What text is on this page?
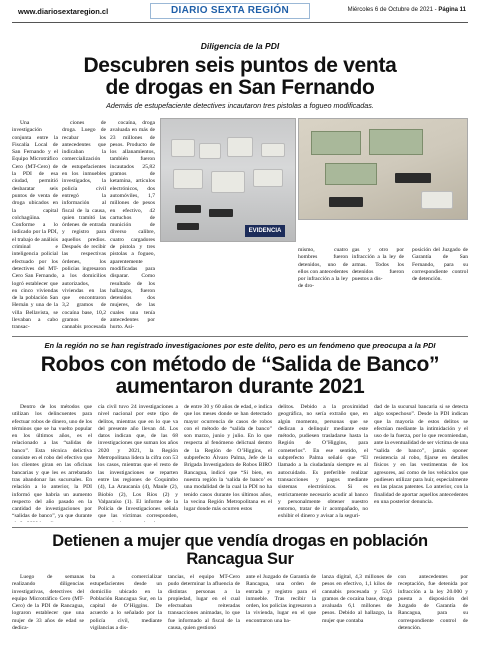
www.diariosextaregion.cl	DIARIO SEXTA REGIÓN	Miércoles 6 de Octubre de 2021 - Página 11
Diligencia de la PDI
Descubren seis puntos de venta
de drogas en San Fernando
Además de estupefaciente detectives incautaron tres pistolas a fogueo modificadas.

Una investigación conjunta entre la Fiscalía Local de San Fernando y el Equipo Microtráfico Cero (MT-Cero) de la PDI de esa ciudad, permitió desbaratar seis puntos de venta de droga ubicados en la capital colchagüina. Conforme a lo indicado por la PDI, el trabajo de análisis criminal e inteligencia policial efectuado por los detectives del MT-Cero San Fernando, logró establecer que en cinco viviendas de la población San Hernán y una de la villa Bellavista, se llevaban a cabo transac-

ciones de droga. Luego de recabar los antecedentes que indicaban la comercialización de estupefacientes en los inmuebles investigados, la policía civil entregó la información al fiscal de la causa, quien tramitó las órdenes de entrada y registro para aquellos predios. Después de recibir las respectivas órdenes, los policías ingresaron a los domicilios autorizados, viviendas en las que encontraron 3,2 gramos de cocaína base, 10,2 gramos de cannabis procesada

cocaína, droga avaluada en más de 23 millones de pesos. Producto de los allanamientos, también fueron incautados 25,82 gramos de ketamina, artículos electrónicos, dos automóviles, 1,7 millones de pesos en efectivo, 42 cartuchos de munición de diverso calibre, cuatro cargadores de pistola y tres pistolas a fogueo, aparentemente modificadas para disparar. Como resultado de los hallazgos, fueron detenidos dos mujeres, de las cuales una tenía antecedentes por hurto. Asi-

EVIDENCIA

mismo, cuatro hombres fueron detenidos, uno de ellos con antecedentes por infracción a la ley de dro-

gas y otro por infracción a la ley de armas. Todos los detenidos fueron puestos a dis-

posición del Juzgado de Garantía de San Fernando, para su correspondiente control de detención.

En la región no se han registrado investigaciones por este delito, pero es un fenómeno que preocupa a la PDI
Robos con método de “Salida de Banco”
aumentaron durante 2021

Dentro de los métodos que utilizan los delincuentes para efectuar robos de dinero, uno de los términos que se ha vuelto popular en los últimos años, es el relacionado a las “salidas de banco”. Esta técnica delictiva consiste en el robo del efectivo que los clientes giran en las oficinas bancarias y que les es arrebatado tras abandonar las sucursales. En relación a lo anterior, la PDI informó que habría un aumento respecto del año pasado en la cantidad de investigaciones por “salidas de banco”, ya que durante

cía civil tuvo 24 investigaciones a nivel nacional por este tipo de delitos, mientras que en lo que va del presente año llevan 44. Los datos indican que, de las 68 investigaciones que suman los años 2020 y 2021, la Región Metropolitana lidera la cifra con 53 los casos, mientras que el resto de las investigaciones se reparten entre las regiones de Coquimbo (4), La Araucanía (4), Maule (2), Biobío (2), Los Ríos (2) y Valparaíso (1). El informe de la Policía de Investigaciones señala que las víctimas corresponden,

de entre 30 y 60 años de edad, e indica que los meses donde se han detectado mayor ocurrencia de casos de robos con el método de “salida de banco” son marzo, junio y julio. En lo que respecta al fenómeno delictual dentro de la Región de O’Higgins, el subprefecto Álvaro Palma, Jefe de la Brigada Investigadora de Robos BIRO Rancagua, indicó que “Si bien, en nuestra región la ‘salida de banco’ es una modalidad de la cual la PDI no ha tenido casos durante los últimos años, la vecina Región Metropolitana es el lugar donde más ocurren estos

delitos. Debido a la proximidad geográfica, no sería extraño que, en algún momento, personas que se dedican a delinquir mediante este método, pudiesen trasladarse hasta la Región de O’Higgins, para cometerlos”. En ese sentido, el subprefecto Palma señaló que “El llamado a la ciudadanía siempre es al autocuidado. Es preferible realizar transacciones y pagos mediante sistemas electrónicos. Si es estrictamente necesario acudir al banco y personalmente obtener nuestro entorno, tratar de ir acompañado, no exhibir el dinero y avisar a la seguri-

dad de la sucursal bancaria si se detecta algo sospechoso”. Desde la PDI indican que la mayoría de estos delitos se efectúan mediante la intimidación y el uso de la fuerza, por lo que recomiendan, ante la eventualidad de ser víctima de una “salida de banco”, jamás oponer resistencia al robo, fijarse en detalles físicos y en las vestimentas de los agresores, así como de los vehículos que pudiesen utilizar para huir, especialmente en las placas patentes. Lo anterior, con la finalidad de aportar aquellos antecedentes en una posterior denuncia.

Detienen a mujer que vendía drogas en población
Rancagua Sur

Luego de semanas realizando diligencias investigativas, detectives del equipo Microtráfico Cero (MT-Cero) de la PDI de Rancagua, lograron establecer que una mujer de 33 años de edad se dedica-

ba a comercializar estupefacientes desde un domicilio ubicado en la Población Rancagua Sur, en la capital de O’Higgins. De acuerdo a lo señalado por la policía civil, mediante vigilancias a dis-

tancias, el equipo MT-Cero pudo determinar la afluencia de distintas personas a la propiedad, lugar en el cual efectuaban reiteradas transacciones animadas, lo que fue informado al fiscal de la causa, quien gestionó

ante el Juzgado de Garantía de Rancagua, una orden de entrada y registro para el inmueble. Tras recibir la orden, los policías ingresaron a la vivienda, lugar en el que encontraron una ba-

lanza digital, 4,3 millones de pesos en efectivo, 1,1 kilos de cannabis procesada y 53,6 gramos de cocaína base, droga avaluada 6,1 millones de pesos. Debido al hallazgo, la mujer que contaba

con antecedentes por receptación, fue detenida por infracción a la ley 20.000 y puesta a disposición del Juzgado de Garantía de Rancagua, para su correspondiente control de detención.
